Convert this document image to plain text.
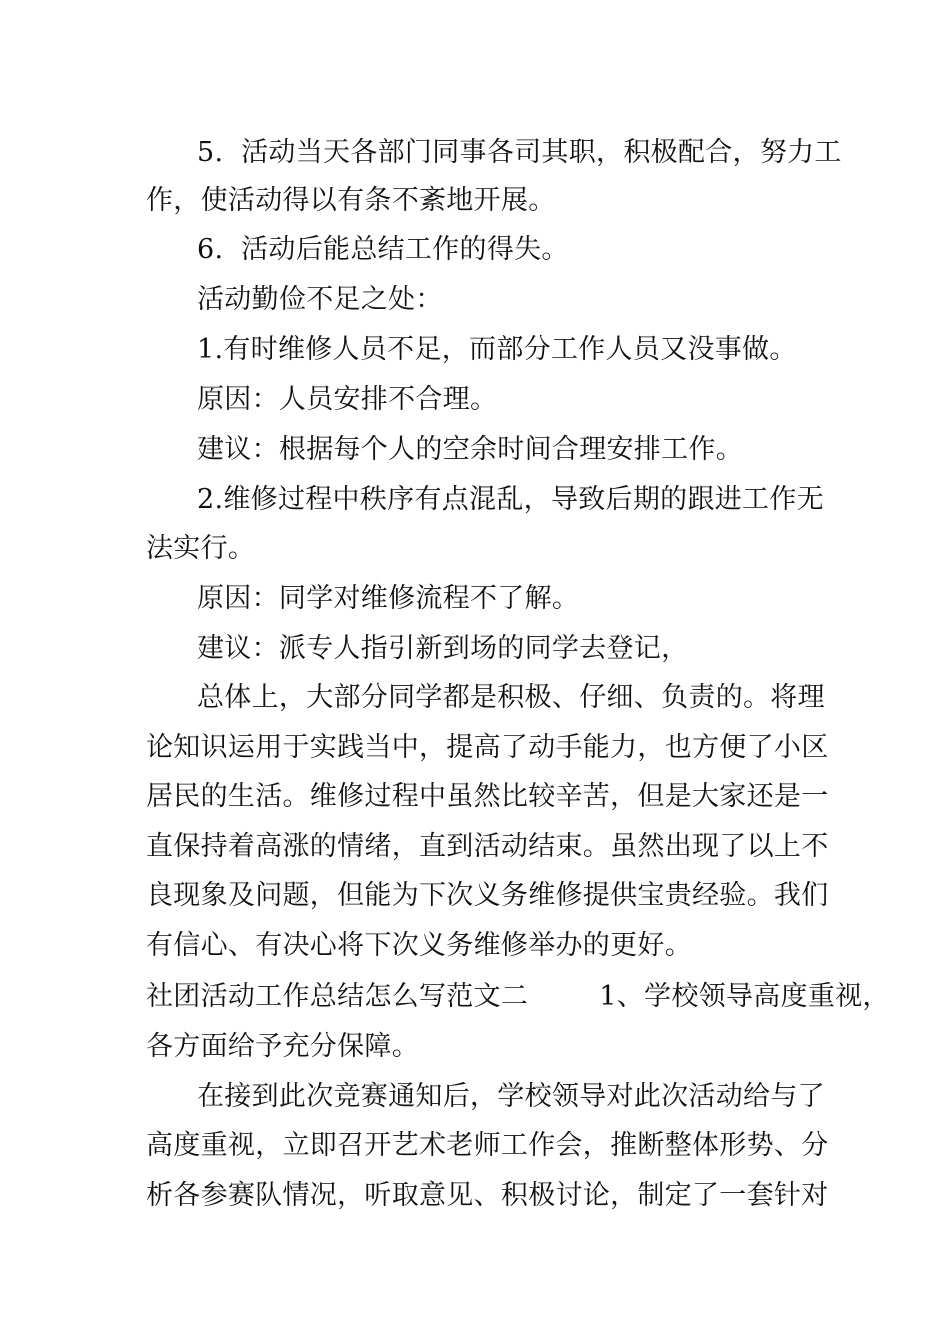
5.  活动当天各部门同事各司其职，积极配合，努力工
作，使活动得以有条不紊地开展。
6.  活动后能总结工作的得失。
活动勤俭不足之处：
1.有时维修人员不足，而部分工作人员又没事做。
原因：人员安排不合理。
建议：根据每个人的空余时间合理安排工作。
2.维修过程中秩序有点混乱，导致后期的跟进工作无
法实行。
原因：同学对维修流程不了解。
建议：派专人指引新到场的同学去登记，
总体上，大部分同学都是积极、仔细、负责的。将理
论知识运用于实践当中，提高了动手能力，也方便了小区
居民的生活。维修过程中虽然比较辛苦，但是大家还是一
直保持着高涨的情绪，直到活动结束。虽然出现了以上不
良现象及问题，但能为下次义务维修提供宝贵经验。我们
有信心、有决心将下次义务维修举办的更好。
社团活动工作总结怎么写范文二        1、学校领导高度重视，
各方面给予充分保障。
在接到此次竞赛通知后，学校领导对此次活动给与了
高度重视，立即召开艺术老师工作会，推断整体形势、分
析各参赛队情况，听取意见、积极讨论，制定了一套针对
